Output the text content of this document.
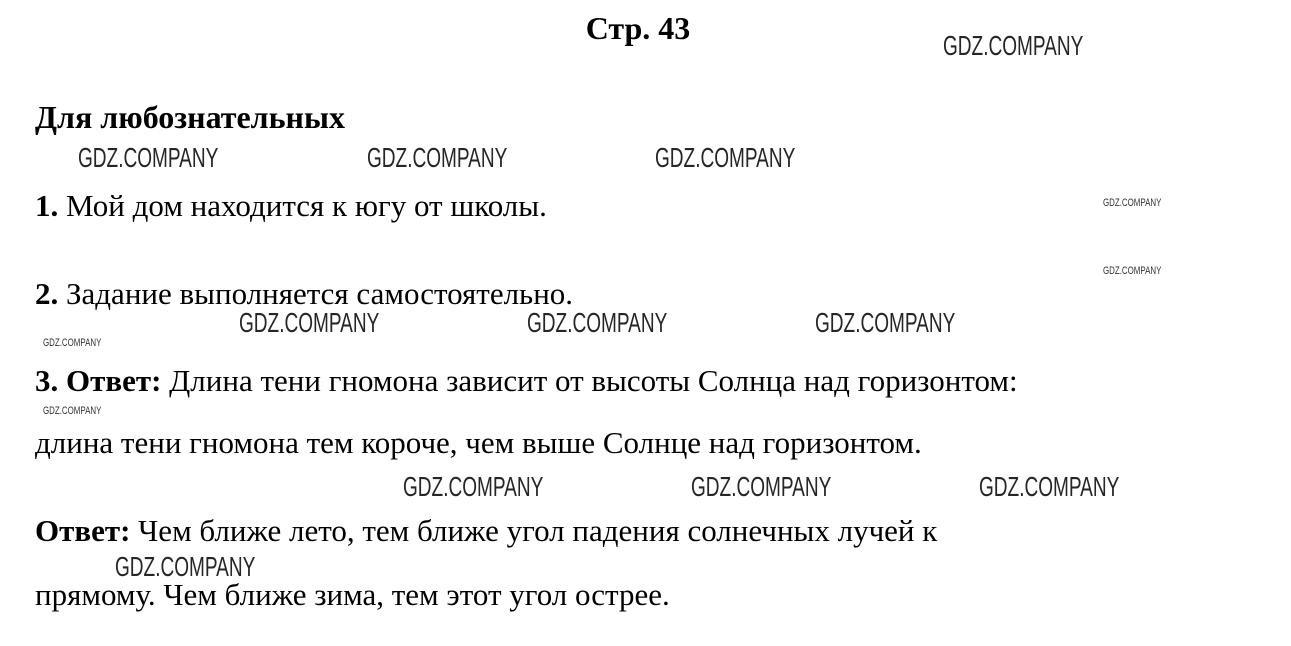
Стр. 43
Для любознательных
1. Мой дом находится к югу от школы.
2. Задание выполняется самостоятельно.
3. Ответ: Длина тени гномона зависит от высоты Солнца над горизонтом:
длина тени гномона тем короче, чем выше Солнце над горизонтом.
Ответ: Чем ближе лето, тем ближе угол падения солнечных лучей к
прямому. Чем ближе зима, тем этот угол острее.
GDZ.COMPANY
GDZ.COMPANY	GDZ.COMPANY	GDZ.COMPANY
GDZ.COMPANY
GDZ.COMPANY
GDZ.COMPANY	GDZ.COMPANY	GDZ.COMPANY
GDZ.COMPANY
GDZ.COMPANY
GDZ.COMPANY	GDZ.COMPANY	GDZ.COMPANY
GDZ.COMPANY
